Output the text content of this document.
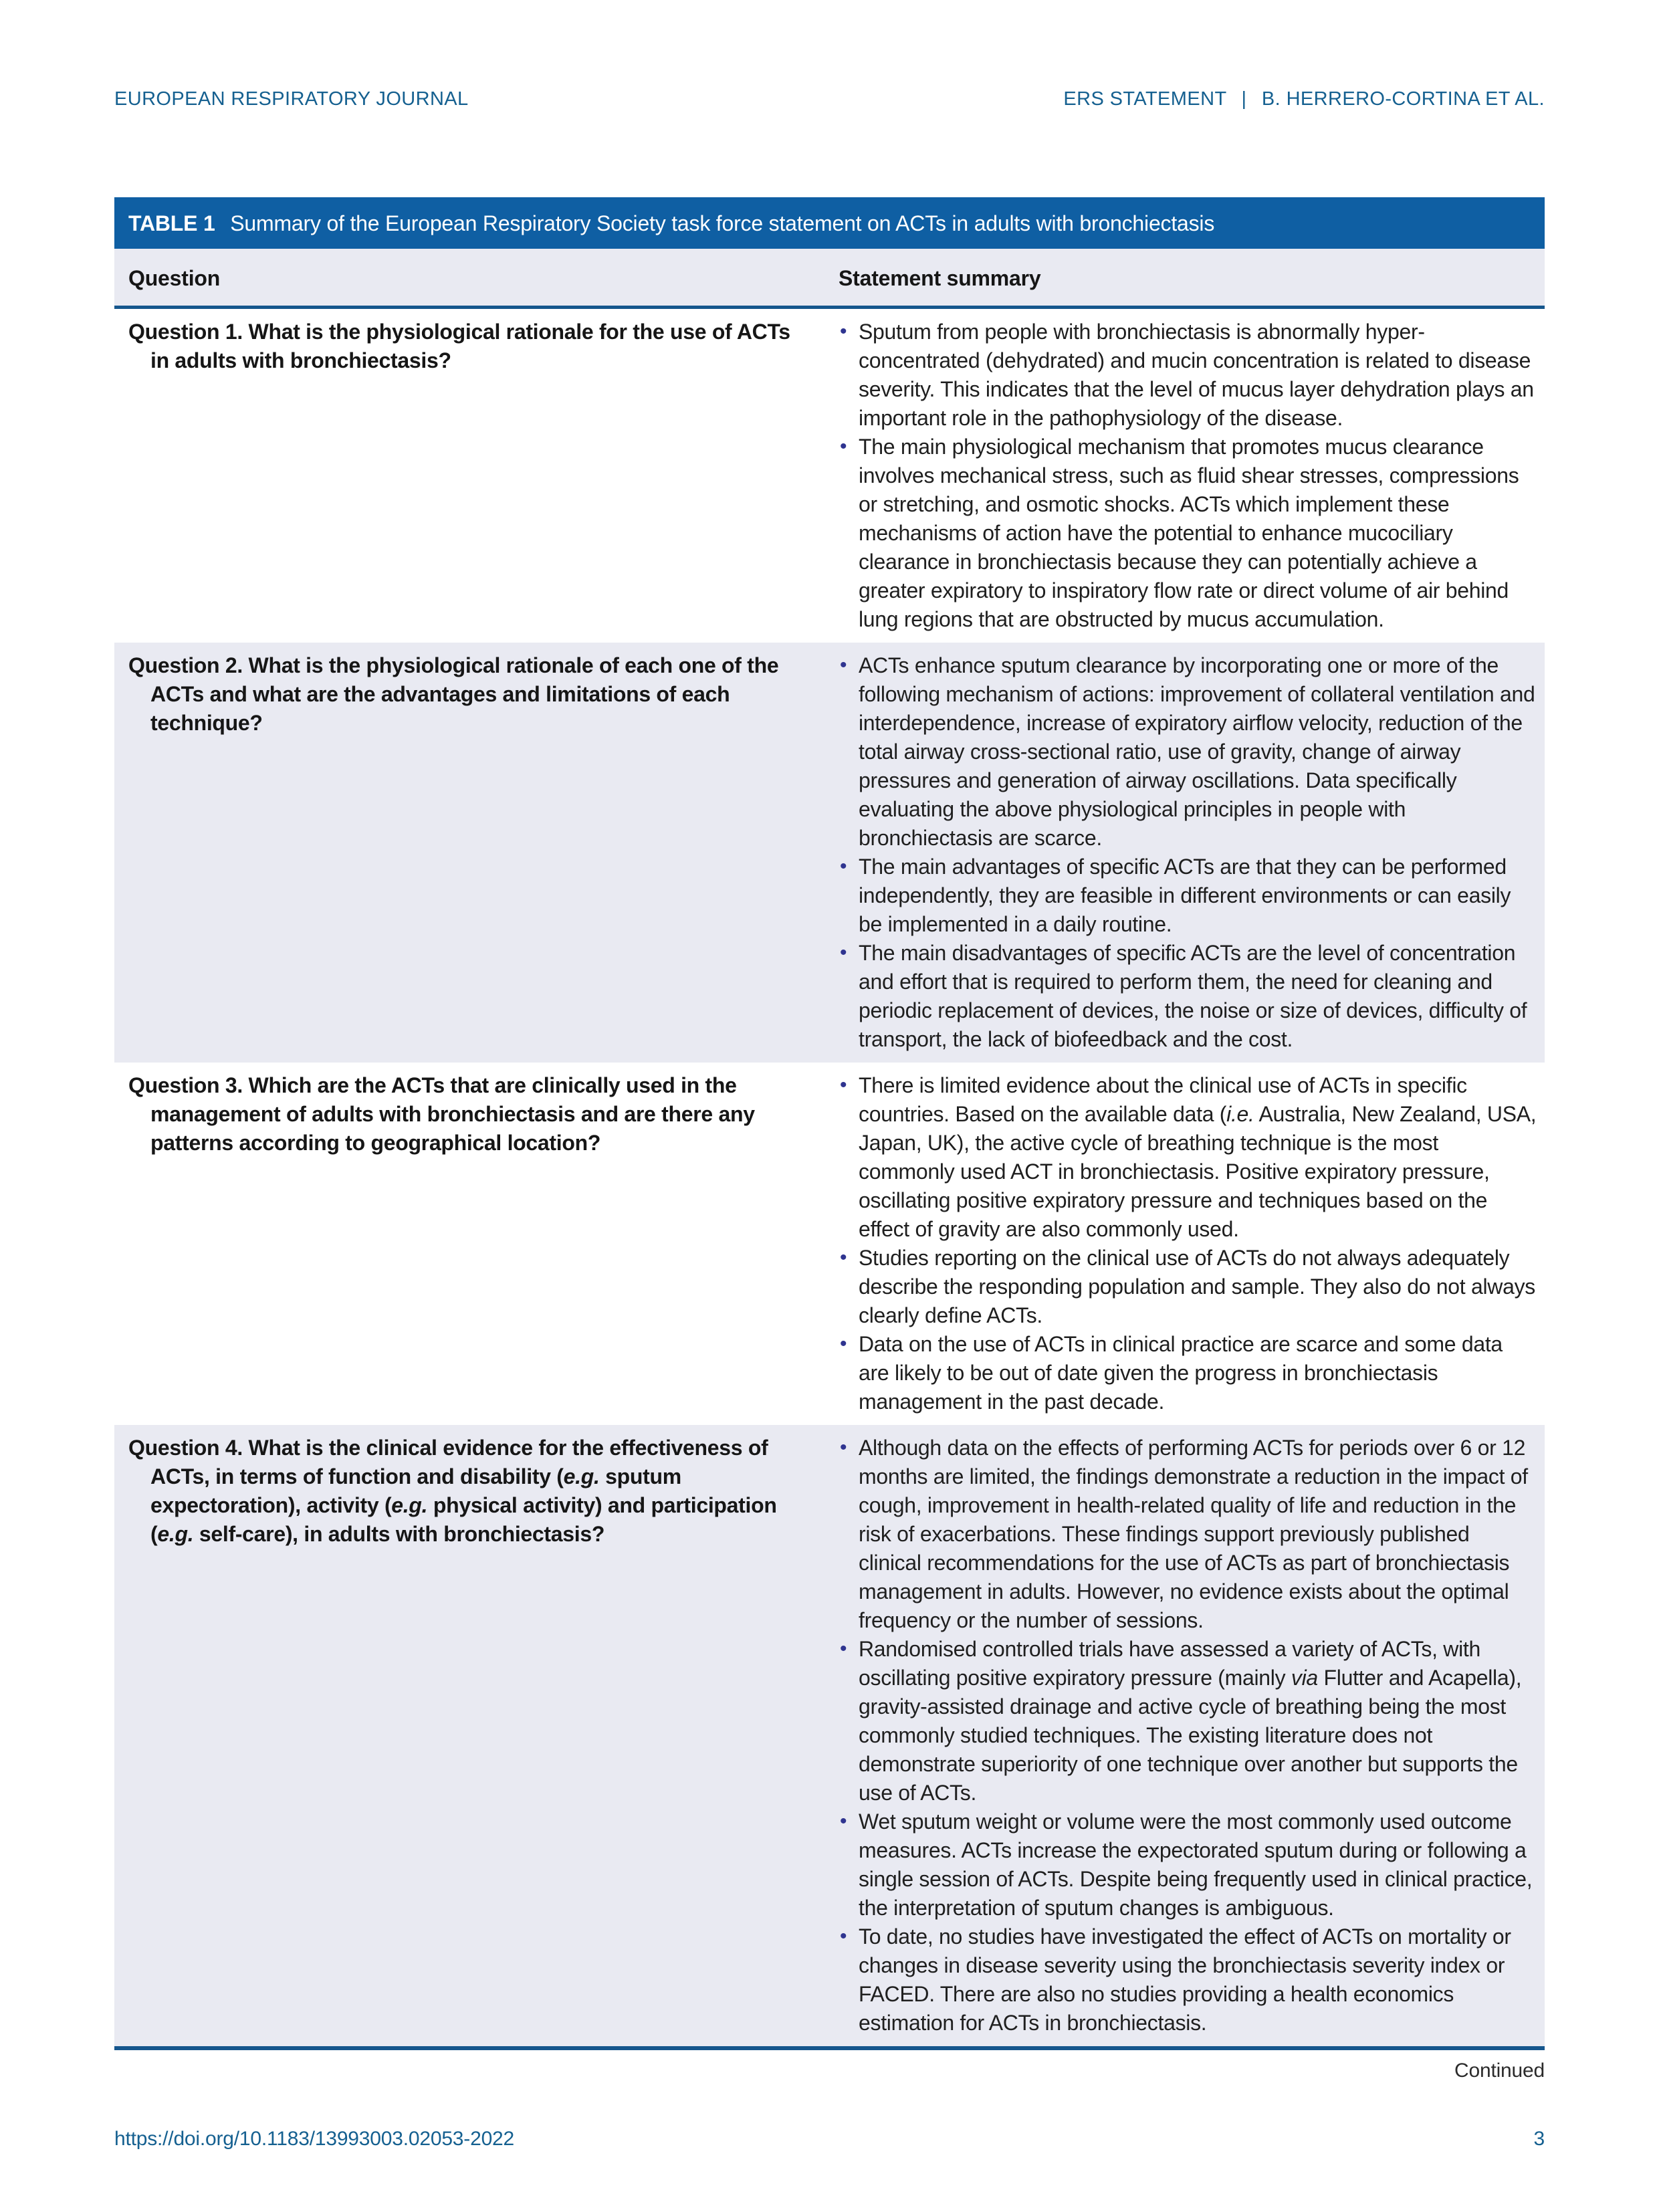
EUROPEAN RESPIRATORY JOURNAL	ERS STATEMENT | B. HERRERO-CORTINA ET AL.
TABLE 1 Summary of the European Respiratory Society task force statement on ACTs in adults with bronchiectasis
Question	Statement summary
Question 1. What is the physiological rationale for the use of ACTs in adults with bronchiectasis?
• Sputum from people with bronchiectasis is abnormally hyper-concentrated (dehydrated) and mucin concentration is related to disease severity. This indicates that the level of mucus layer dehydration plays an important role in the pathophysiology of the disease.
• The main physiological mechanism that promotes mucus clearance involves mechanical stress, such as fluid shear stresses, compressions or stretching, and osmotic shocks. ACTs which implement these mechanisms of action have the potential to enhance mucociliary clearance in bronchiectasis because they can potentially achieve a greater expiratory to inspiratory flow rate or direct volume of air behind lung regions that are obstructed by mucus accumulation.
Question 2. What is the physiological rationale of each one of the ACTs and what are the advantages and limitations of each technique?
• ACTs enhance sputum clearance by incorporating one or more of the following mechanism of actions: improvement of collateral ventilation and interdependence, increase of expiratory airflow velocity, reduction of the total airway cross-sectional ratio, use of gravity, change of airway pressures and generation of airway oscillations. Data specifically evaluating the above physiological principles in people with bronchiectasis are scarce.
• The main advantages of specific ACTs are that they can be performed independently, they are feasible in different environments or can easily be implemented in a daily routine.
• The main disadvantages of specific ACTs are the level of concentration and effort that is required to perform them, the need for cleaning and periodic replacement of devices, the noise or size of devices, difficulty of transport, the lack of biofeedback and the cost.
Question 3. Which are the ACTs that are clinically used in the management of adults with bronchiectasis and are there any patterns according to geographical location?
• There is limited evidence about the clinical use of ACTs in specific countries. Based on the available data (i.e. Australia, New Zealand, USA, Japan, UK), the active cycle of breathing technique is the most commonly used ACT in bronchiectasis. Positive expiratory pressure, oscillating positive expiratory pressure and techniques based on the effect of gravity are also commonly used.
• Studies reporting on the clinical use of ACTs do not always adequately describe the responding population and sample. They also do not always clearly define ACTs.
• Data on the use of ACTs in clinical practice are scarce and some data are likely to be out of date given the progress in bronchiectasis management in the past decade.
Question 4. What is the clinical evidence for the effectiveness of ACTs, in terms of function and disability (e.g. sputum expectoration), activity (e.g. physical activity) and participation (e.g. self-care), in adults with bronchiectasis?
• Although data on the effects of performing ACTs for periods over 6 or 12 months are limited, the findings demonstrate a reduction in the impact of cough, improvement in health-related quality of life and reduction in the risk of exacerbations. These findings support previously published clinical recommendations for the use of ACTs as part of bronchiectasis management in adults. However, no evidence exists about the optimal frequency or the number of sessions.
• Randomised controlled trials have assessed a variety of ACTs, with oscillating positive expiratory pressure (mainly via Flutter and Acapella), gravity-assisted drainage and active cycle of breathing being the most commonly studied techniques. The existing literature does not demonstrate superiority of one technique over another but supports the use of ACTs.
• Wet sputum weight or volume were the most commonly used outcome measures. ACTs increase the expectorated sputum during or following a single session of ACTs. Despite being frequently used in clinical practice, the interpretation of sputum changes is ambiguous.
• To date, no studies have investigated the effect of ACTs on mortality or changes in disease severity using the bronchiectasis severity index or FACED. There are also no studies providing a health economics estimation for ACTs in bronchiectasis.
Continued
https://doi.org/10.1183/13993003.02053-2022	3
